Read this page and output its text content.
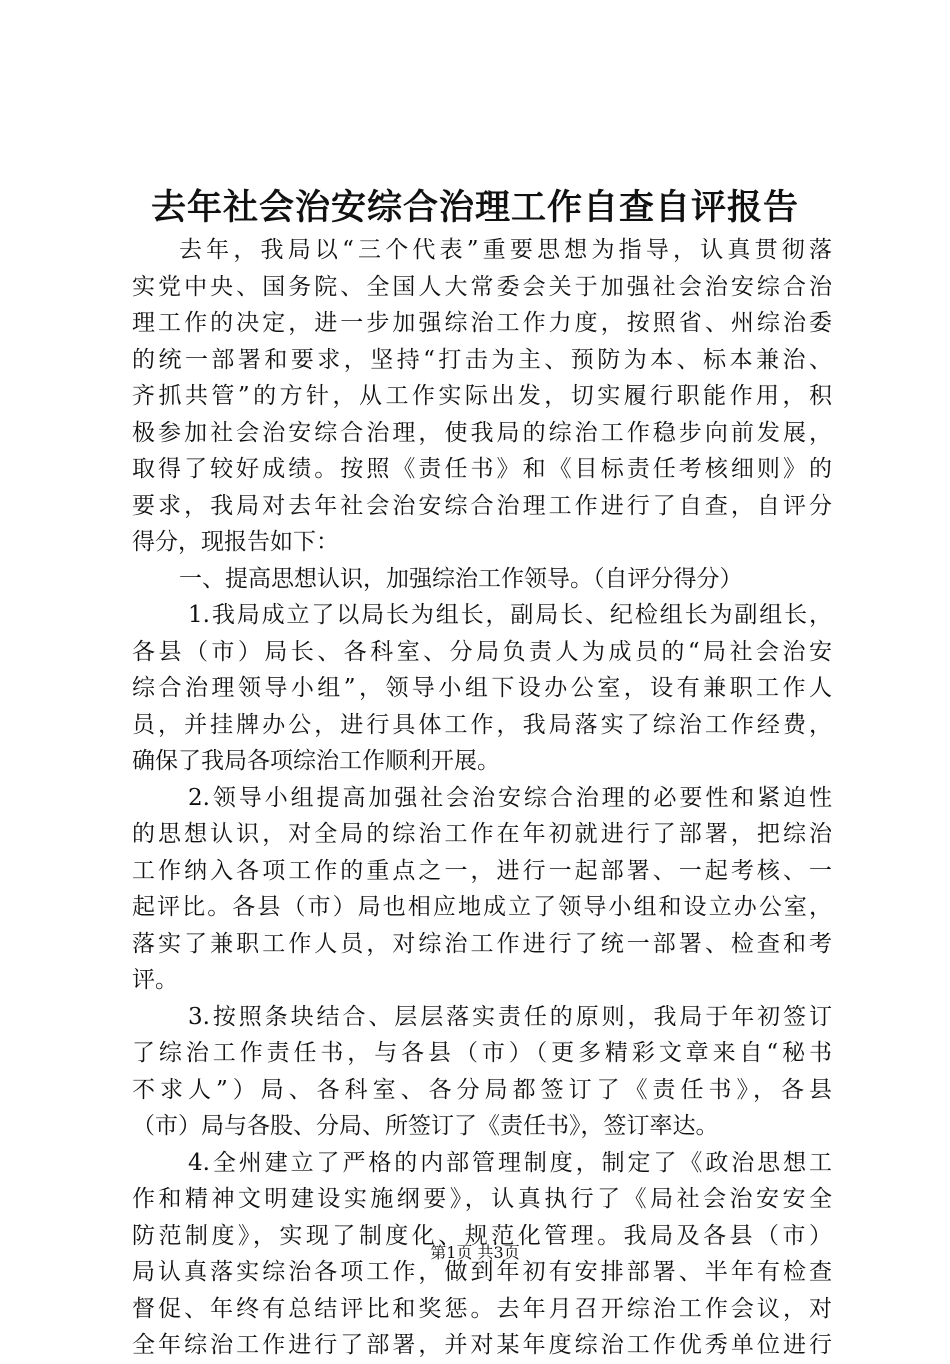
去年社会治安综合治理工作自查自评报告
去年，我局以“三个代表”重要思想为指导，认真贯彻落
实党中央、国务院、全国人大常委会关于加强社会治安综合治
理工作的决定，进一步加强综治工作力度，按照省、州综治委
的统一部署和要求，坚持“打击为主、预防为本、标本兼治、
齐抓共管”的方针，从工作实际出发，切实履行职能作用，积
极参加社会治安综合治理，使我局的综治工作稳步向前发展，
取得了较好成绩。按照《责任书》和《目标责任考核细则》的
要求，我局对去年社会治安综合治理工作进行了自查，自评分
得分，现报告如下：
一、提高思想认识，加强综治工作领导。（自评分得分）
1.我局成立了以局长为组长，副局长、纪检组长为副组长，
各县（市）局长、各科室、分局负责人为成员的“局社会治安
综合治理领导小组”，领导小组下设办公室，设有兼职工作人
员，并挂牌办公，进行具体工作，我局落实了综治工作经费，
确保了我局各项综治工作顺利开展。
2.领导小组提高加强社会治安综合治理的必要性和紧迫性
的思想认识，对全局的综治工作在年初就进行了部署，把综治
工作纳入各项工作的重点之一，进行一起部署、一起考核、一
起评比。各县（市）局也相应地成立了领导小组和设立办公室，
落实了兼职工作人员，对综治工作进行了统一部署、检查和考
评。
3.按照条块结合、层层落实责任的原则，我局于年初签订
了综治工作责任书，与各县（市）（更多精彩文章来自“秘书
不求人”）局、各科室、各分局都签订了《责任书》，各县
（市）局与各股、分局、所签订了《责任书》，签订率达。
4.全州建立了严格的内部管理制度，制定了《政治思想工
作和精神文明建设实施纲要》，认真执行了《局社会治安安全
防范制度》，实现了制度化、规范化管理。我局及各县（市）
局认真落实综治各项工作，做到年初有安排部署、半年有检查
督促、年终有总结评比和奖惩。去年月召开综治工作会议，对
全年综治工作进行了部署，并对某年度综治工作优秀单位进行
第1页 共3页
